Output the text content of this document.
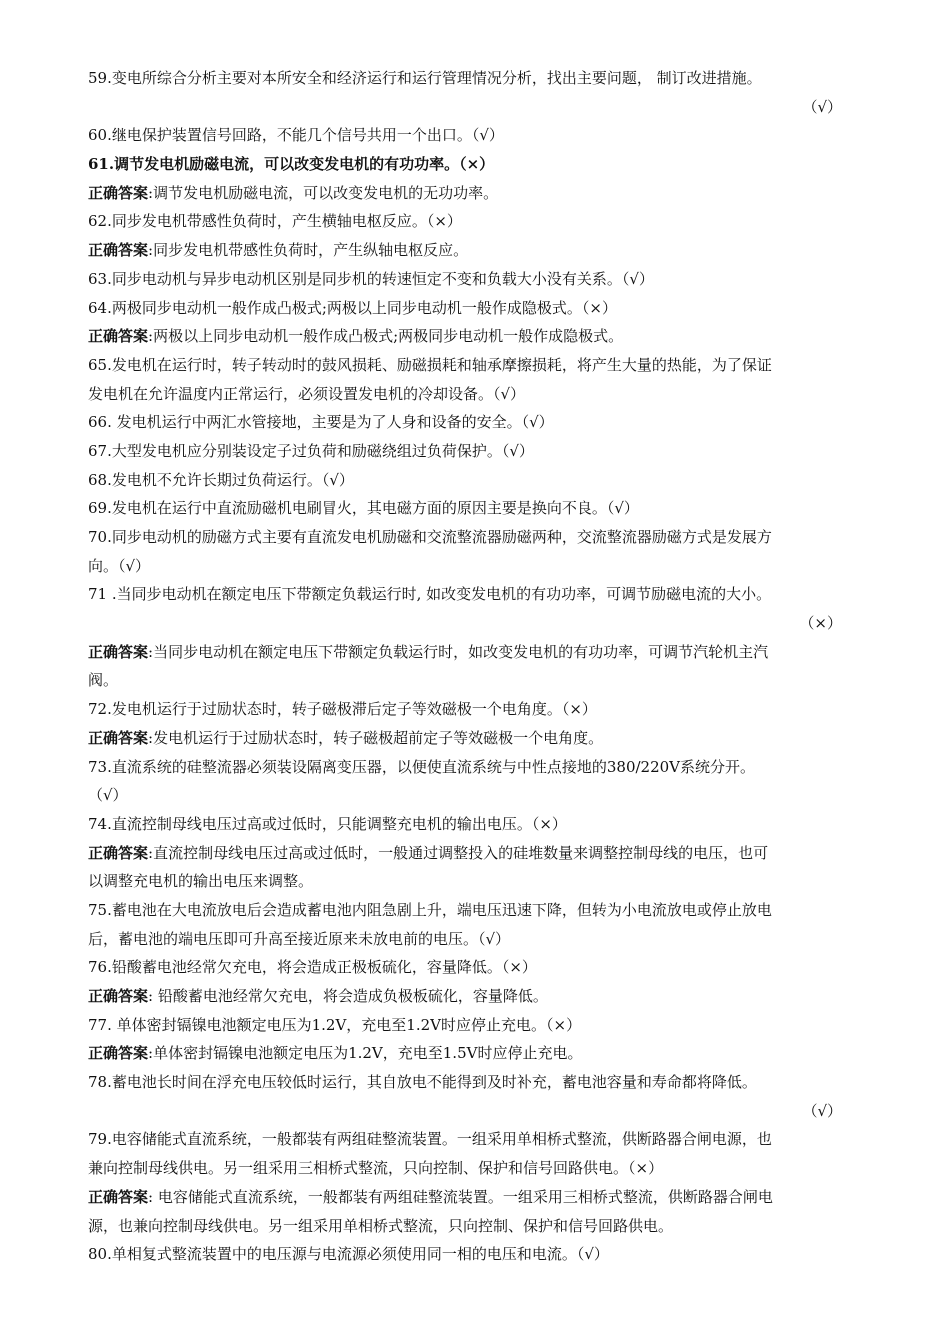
59.变电所综合分析主要对本所安全和经济运行和运行管理情况分析，找出主要问题， 制订改进措施。
（√）
60.继电保护装置信号回路，不能几个信号共用一个出口。（√）
61.调节发电机励磁电流，可以改变发电机的有功功率。（×）
正确答案:调节发电机励磁电流，可以改变发电机的无功功率。
62.同步发电机带感性负荷时，产生横轴电枢反应。（×）
正确答案:同步发电机带感性负荷时，产生纵轴电枢反应。
63.同步电动机与异步电动机区别是同步机的转速恒定不变和负载大小没有关系。（√）
64.两极同步电动机一般作成凸极式;两极以上同步电动机一般作成隐极式。（×）
正确答案:两极以上同步电动机一般作成凸极式;两极同步电动机一般作成隐极式。
65.发电机在运行时，转子转动时的鼓风损耗、励磁损耗和轴承摩擦损耗，将产生大量的热能，为了保证
发电机在允许温度内正常运行，必须设置发电机的冷却设备。（√）
66. 发电机运行中两汇水管接地，主要是为了人身和设备的安全。（√）
67.大型发电机应分别装设定子过负荷和励磁绕组过负荷保护。（√）
68.发电机不允许长期过负荷运行。（√）
69.发电机在运行中直流励磁机电刷冒火，其电磁方面的原因主要是换向不良。（√）
70.同步电动机的励磁方式主要有直流发电机励磁和交流整流器励磁两种，交流整流器励磁方式是发展方
向。（√）
71 .当同步电动机在额定电压下带额定负载运行时, 如改变发电机的有功功率，可调节励磁电流的大小。
（×）
正确答案:当同步电动机在额定电压下带额定负载运行时，如改变发电机的有功功率，可调节汽轮机主汽
阀。
72.发电机运行于过励状态时，转子磁极滞后定子等效磁极一个电角度。（×）
正确答案:发电机运行于过励状态时，转子磁极超前定子等效磁极一个电角度。
73.直流系统的硅整流器必须装设隔离变压器，以便使直流系统与中性点接地的380/220V系统分开。
（√）
74.直流控制母线电压过高或过低时，只能调整充电机的输出电压。（×）
正确答案:直流控制母线电压过高或过低时，一般通过调整投入的硅堆数量来调整控制母线的电压，也可
以调整充电机的输出电压来调整。
75.蓄电池在大电流放电后会造成蓄电池内阻急剧上升，端电压迅速下降，但转为小电流放电或停止放电
后，蓄电池的端电压即可升高至接近原来未放电前的电压。（√）
76.铅酸蓄电池经常欠充电，将会造成正极板硫化，容量降低。（×）
正确答案: 铅酸蓄电池经常欠充电，将会造成负极板硫化，容量降低。
77. 单体密封镉镍电池额定电压为1.2V，充电至1.2V时应停止充电。（×）
正确答案:单体密封镉镍电池额定电压为1.2V，充电至1.5V时应停止充电。
78.蓄电池长时间在浮充电压较低时运行，其自放电不能得到及时补充，蓄电池容量和寿命都将降低。
（√）
79.电容储能式直流系统，一般都装有两组硅整流装置。一组采用单相桥式整流，供断路器合闸电源，也
兼向控制母线供电。另一组采用三相桥式整流，只向控制、保护和信号回路供电。（×）
正确答案: 电容储能式直流系统，一般都装有两组硅整流装置。一组采用三相桥式整流，供断路器合闸电
源，也兼向控制母线供电。另一组采用单相桥式整流，只向控制、保护和信号回路供电。
80.单相复式整流装置中的电压源与电流源必须使用同一相的电压和电流。（√）
